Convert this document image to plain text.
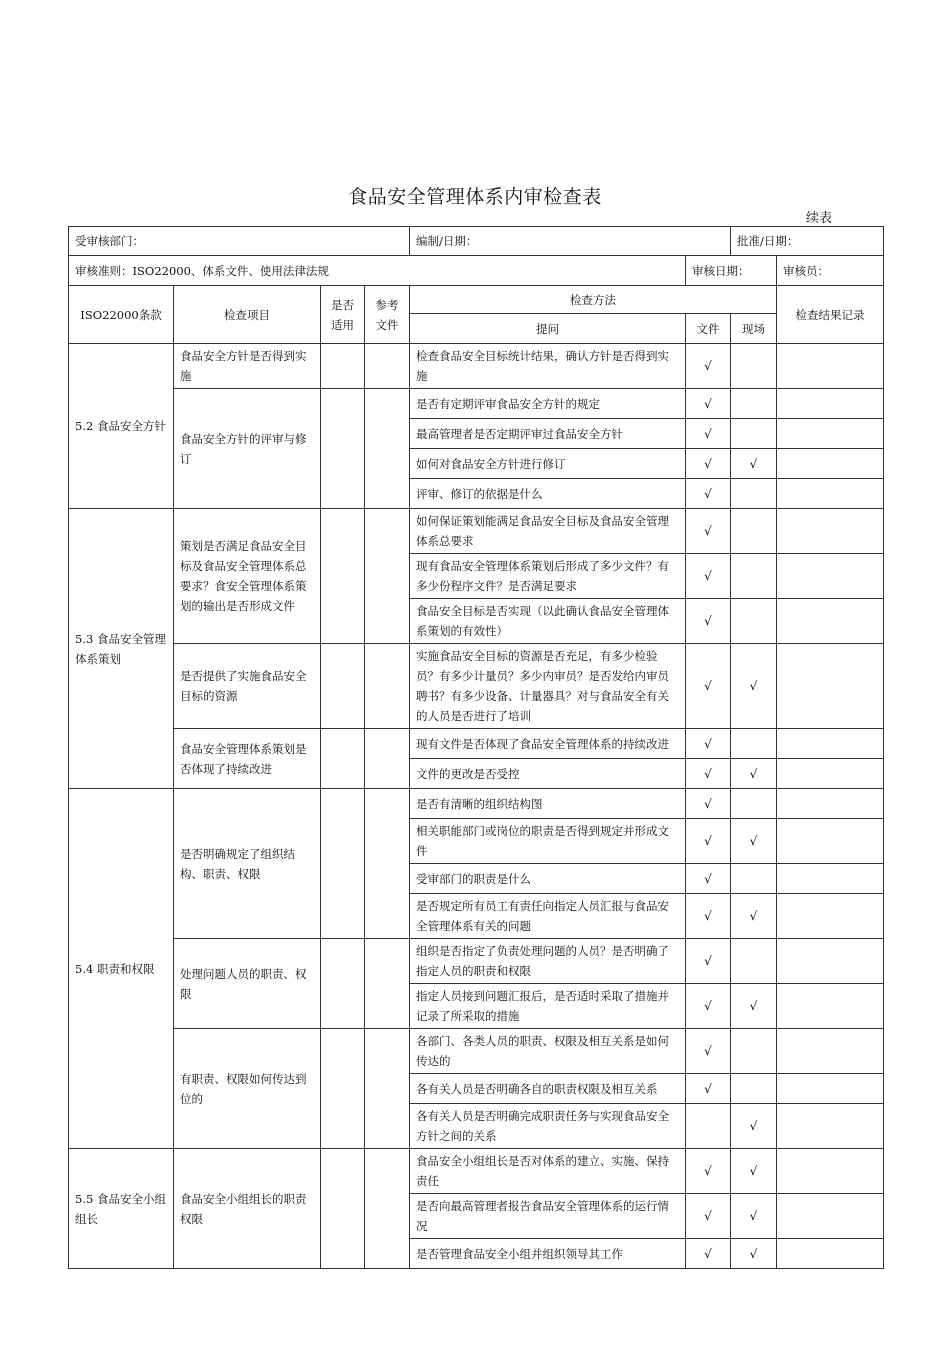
食品安全管理体系内审检查表
续表
受审核部门：				编制/日期：		批准/日期：	
审核准则：ISO22000、体系文件、使用法律法规					审核日期：		审核员：
ISO22000条款	检查项目	是否适用	参考文件	检查方法			检查结果记录
				提问	文件	现场	
5.2 食品安全方针	食品安全方针是否得到实施			检查食品安全目标统计结果，确认方针是否得到实施	√		
	食品安全方针的评审与修订			是否有定期评审食品安全方针的规定	√		
				最高管理者是否定期评审过食品安全方针	√		
				如何对食品安全方针进行修订	√	√	
				评审、修订的依据是什么	√		
5.3 食品安全管理体系策划	策划是否满足食品安全目标及食品安全管理体系总要求？食安全管理体系策划的输出是否形成文件			如何保证策划能满足食品安全目标及食品安全管理体系总要求	√		
				现有食品安全管理体系策划后形成了多少文件？有多少份程序文件？是否满足要求	√		
				食品安全目标是否实现（以此确认食品安全管理体系策划的有效性）	√		
	是否提供了实施食品安全目标的资源			实施食品安全目标的资源是否充足，有多少检验员？有多少计量员？多少内审员？是否发给内审员聘书？有多少设备、计量器具？对与食品安全有关的人员是否进行了培训	√	√	
	食品安全管理体系策划是否体现了持续改进			现有文件是否体现了食品安全管理体系的持续改进	√		
				文件的更改是否受控	√	√	
5.4 职责和权限	是否明确规定了组织结构、职责、权限			是否有清晰的组织结构图	√		
				相关职能部门或岗位的职责是否得到规定并形成文件	√	√	
				受审部门的职责是什么	√		
				是否规定所有员工有责任向指定人员汇报与食品安全管理体系有关的问题	√	√	
	处理问题人员的职责、权限			组织是否指定了负责处理问题的人员？是否明确了指定人员的职责和权限	√		
				指定人员接到问题汇报后，是否适时采取了措施并记录了所采取的措施	√	√	
	有职责、权限如何传达到位的			各部门、各类人员的职责、权限及相互关系是如何传达的	√		
				各有关人员是否明确各自的职责权限及相互关系	√		
				各有关人员是否明确完成职责任务与实现食品安全方针之间的关系		√	
5.5 食品安全小组组长	食品安全小组组长的职责权限			食品安全小组组长是否对体系的建立、实施、保持责任	√	√	
				是否向最高管理者报告食品安全管理体系的运行情况	√	√	
				是否管理食品安全小组并组织领导其工作	√	√	
